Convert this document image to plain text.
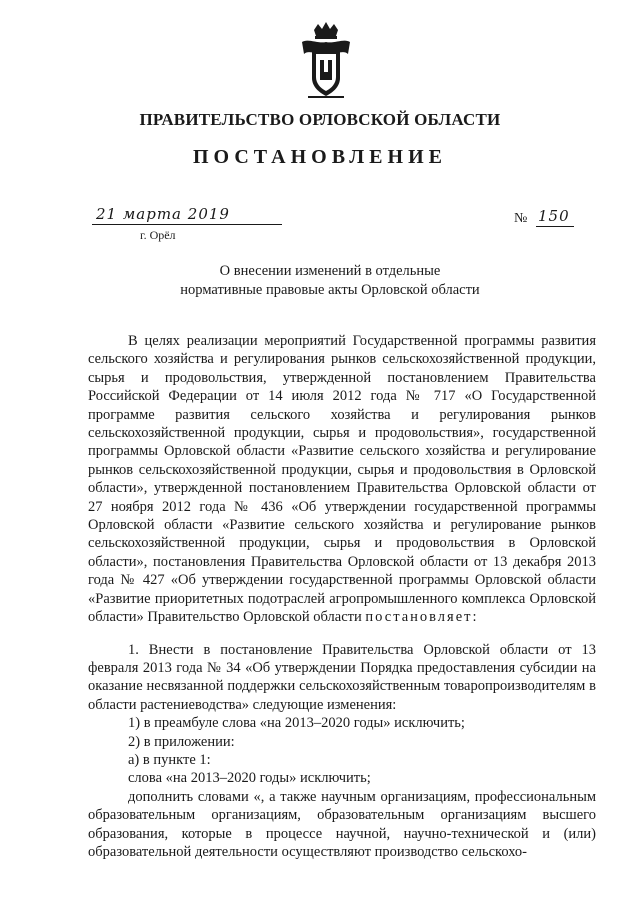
ПРАВИТЕЛЬСТВО ОРЛОВСКОЙ ОБЛАСТИ
ПОСТАНОВЛЕНИЕ
21 марта 2019	№ 150
г. Орёл
О внесении изменений в отдельные
нормативные правовые акты Орловской области

В целях реализации мероприятий Государственной программы развития сельского хозяйства и регулирования рынков сельскохозяйственной продукции, сырья и продовольствия, утвержденной постановлением Правительства Российской Федерации от 14 июля 2012 года № 717 «О Государственной программе развития сельского хозяйства и регулирования рынков сельскохозяйственной продукции, сырья и продовольствия», государственной программы Орловской области «Развитие сельского хозяйства и регулирование рынков сельскохозяйственной продукции, сырья и продовольствия в Орловской области», утвержденной постановлением Правительства Орловской области от 27 ноября 2012 года № 436 «Об утверждении государственной программы Орловской области «Развитие сельского хозяйства и регулирование рынков сельскохозяйственной продукции, сырья и продовольствия в Орловской области», постановления Правительства Орловской области от 13 декабря 2013 года № 427 «Об утверждении государственной программы Орловской области «Развитие приоритетных подотраслей агропромышленного комплекса Орловской области» Правительство Орловской области постановляет:

1. Внести в постановление Правительства Орловской области от 13 февраля 2013 года № 34 «Об утверждении Порядка предоставления субсидии на оказание несвязанной поддержки сельскохозяйственным товаропроизводителям в области растениеводства» следующие изменения:

1) в преамбуле слова «на 2013–2020 годы» исключить;

2) в приложении:

а) в пункте 1:

слова «на 2013–2020 годы» исключить;

дополнить словами «, а также научным организациям, профессиональным образовательным организациям, образовательным организациям высшего образования, которые в процессе научной, научно-технической и (или) образовательной деятельности осуществляют производство сельскохо-
